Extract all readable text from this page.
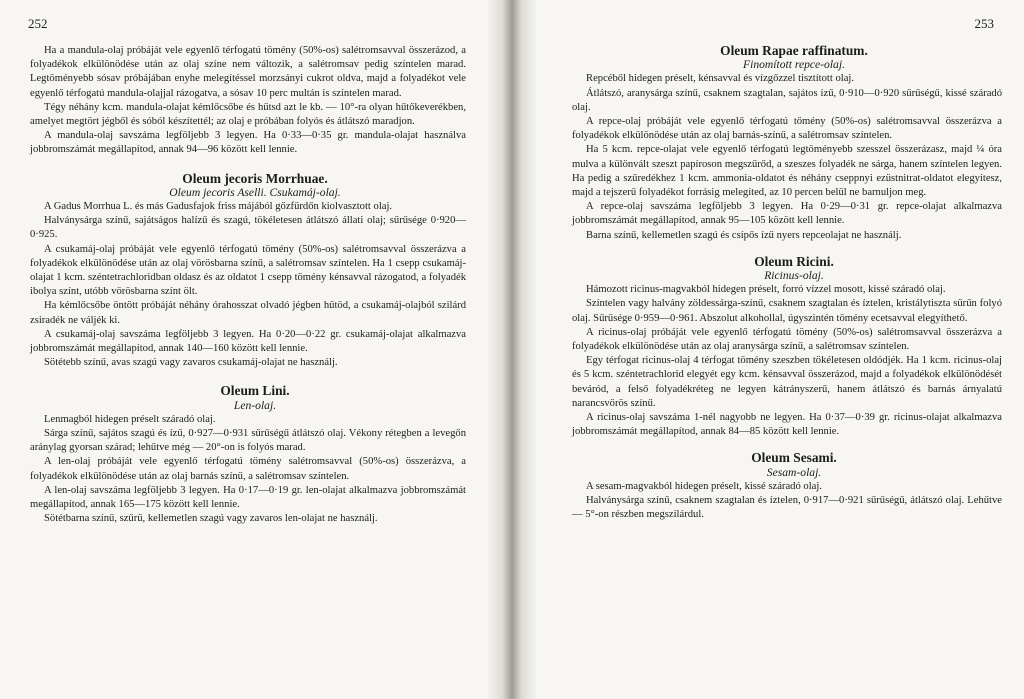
252	253

Ha a mandula-olaj próbáját vele egyenlő térfogatú tömény (50%-os) salétromsavval összerázod, a folyadékok elkülönödése után az olaj színe nem változik, a salétromsav pedig színtelen marad. Legtöményebb sósav próbájában enyhe melegítéssel morzsányi cukrot oldva, majd a folyadékot vele egyenlő térfogatú mandula-olajjal rázogatva, a sósav 10 perc multán is színtelen marad.

Tégy néhány kcm. mandula-olajat kémlőcsőbe és hűtsd azt le kb. — 10°-ra olyan hűtőkeverékben, amelyet megtört jégből és sóból készítettél; az olaj e próbában folyós és átlátszó maradjon.

A mandula-olaj savszáma legföljebb 3 legyen. Ha 0·33—0·35 gr. mandula-olajat használva jobbromszámát megállapítod, annak 94—96 között kell lennie.

Oleum jecoris Morrhuae.

Oleum jecoris Aselli. Csukamáj-olaj.

A Gadus Morrhua L. és más Gadusfajok friss májából gőzfürdőn kiolvasztott olaj.

Halványsárga színű, sajátságos halízű és szagú, tökéletesen átlátszó állati olaj; sűrűsége 0·920—0·925.

A csukamáj-olaj próbáját vele egyenlő térfogatú tömény (50%-os) salétromsavval összerázva a folyadékok elkülönödése után az olaj vörösbarna színű, a salétromsav színtelen. Ha 1 csepp csukamáj-olajat 1 kcm. széntetrachloridban oldasz és az oldatot 1 csepp tömény kénsavval rázogatod, a folyadék ibolya színt, utóbb vörösbarna színt ölt.

Ha kémlőcsőbe öntött próbáját néhány órahosszat olvadó jégben hűtöd, a csukamáj-olajból szilárd zsiradék ne váljék ki.

A csukamáj-olaj savszáma legföljebb 3 legyen. Ha 0·20—0·22 gr. csukamáj-olajat alkalmazva jobbromszámát megállapítod, annak 140—160 között kell lennie.

Sötétebb színű, avas szagú vagy zavaros csukamáj-olajat ne használj.

Oleum Lini.

Len-olaj.

Lenmagból hidegen préselt száradó olaj.

Sárga színű, sajátos szagú és ízű, 0·927—0·931 sűrűségű átlátszó olaj. Vékony rétegben a levegőn aránylag gyorsan szárad; lehűtve még — 20°-on is folyós marad.

A len-olaj próbáját vele egyenlő térfogatú tömény salétromsavval (50%-os) összerázva, a folyadékok elkülönödése után az olaj barnás színű, a salétromsav színtelen.

A len-olaj savszáma legföljebb 3 legyen. Ha 0·17—0·19 gr. len-olajat alkalmazva jobbromszámát megállapítod, annak 165—175 között kell lennie.

Sötétbarna színű, szűrű, kellemetlen szagú vagy zavaros len-olajat ne használj.

Oleum Rapae raffinatum.

Finomított repce-olaj.

Repcéből hidegen préselt, kénsavval és vízgőzzel tisztított olaj.

Átlátszó, aranysárga színű, csaknem szagtalan, sajátos ízű, 0·910—0·920 sűrűségű, kissé száradó olaj.

A repce-olaj próbáját vele egyenlő térfogatú tömény (50%-os) salétromsavval összerázva a folyadékok elkülönödése után az olaj barnás-színű, a salétromsav színtelen.

Ha 5 kcm. repce-olajat vele egyenlő térfogatú legtöményebb szesszel összerázasz, majd ¼ óra mulva a különvált szeszt papíroson megszűrőd, a szeszes folyadék ne sárga, hanem színtelen legyen. Ha pedig a szűredékhez 1 kcm. ammonia-oldatot és néhány cseppnyi ezüstnitrat-oldatot elegyítesz, majd a tejszerű folyadékot forrásig melegíted, az 10 percen belül ne barnuljon meg.

A repce-olaj savszáma legföljebb 3 legyen. Ha 0·29—0·31 gr. repce-olajat alkalmazva jobbromszámát megállapítod, annak 95—105 között kell lennie.

Barna színű, kellemetlen szagú és csípős ízű nyers repceolajat ne használj.

Oleum Ricini.

Ricinus-olaj.

Hámozott ricinus-magvakból hidegen préselt, forró vízzel mosott, kissé száradó olaj.

Színtelen vagy halvány zöldessárga-színű, csaknem szagtalan és íztelen, kristálytiszta sűrűn folyó olaj. Sűrűsége 0·959—0·961. Abszolut alkohollal, úgyszintén tömény ecetsavval elegyíthető.

A ricinus-olaj próbáját vele egyenlő térfogatú tömény (50%-os) salétromsavval összerázva a folyadékok elkülönödése után az olaj aranysárga színű, a salétromsav színtelen.

Egy térfogat ricinus-olaj 4 térfogat tömény szeszben tökéletesen oldódjék. Ha 1 kcm. ricinus-olaj és 5 kcm. széntetrachlorid elegyét egy kcm. kénsavval összerázod, majd a folyadékok elkülönödését beváród, a felső folyadékréteg ne legyen kátrányszerű, hanem átlátszó és barnás árnyalatú narancsvörös színű.

A ricinus-olaj savszáma 1-nél nagyobb ne legyen. Ha 0·37—0·39 gr. ricinus-olajat alkalmazva jobbromszámát megállapítod, annak 84—85 között kell lennie.

Oleum Sesami.

Sesam-olaj.

A sesam-magvakból hidegen préselt, kissé száradó olaj.

Halványsárga színű, csaknem szagtalan és íztelen, 0·917—0·921 sűrűségű, átlátszó olaj. Lehűtve — 5°-on részben megszilárdul.
